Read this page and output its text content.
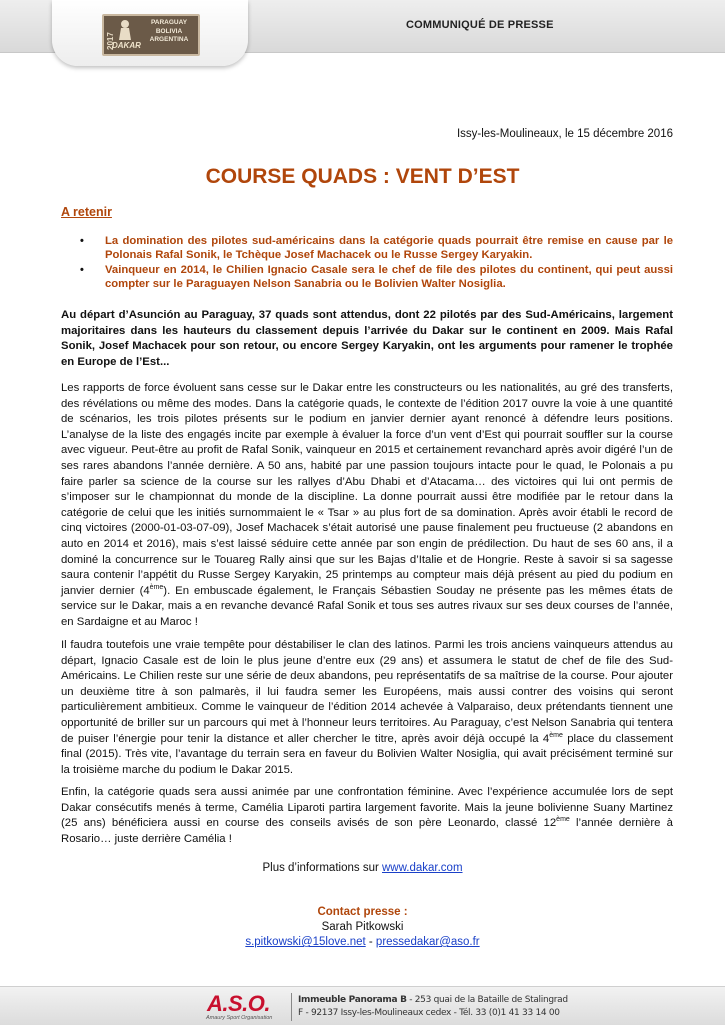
2017
DAKAR
PARAGUAY
BOLIVIA
ARGENTINA
COMMUNIQUÉ DE PRESSE
Issy-les-Moulineaux, le 15 décembre 2016
COURSE QUADS : VENT D’EST
A retenir
• La domination des pilotes sud-américains dans la catégorie quads pourrait être remise en cause par le Polonais Rafal Sonik, le Tchèque Josef Machacek ou le Russe Sergey Karyakin.
• Vainqueur en 2014, le Chilien Ignacio Casale sera le chef de file des pilotes du continent, qui peut aussi compter sur le Paraguayen Nelson Sanabria ou le Bolivien Walter Nosiglia.

Au départ d’Asunción au Paraguay, 37 quads sont attendus, dont 22 pilotés par des Sud-Américains, largement majoritaires dans les hauteurs du classement depuis l’arrivée du Dakar sur le continent en 2009. Mais Rafal Sonik, Josef Machacek pour son retour, ou encore Sergey Karyakin, ont les arguments pour ramener le trophée en Europe de l’Est...

Les rapports de force évoluent sans cesse sur le Dakar entre les constructeurs ou les nationalités, au gré des transferts, des révélations ou même des modes. Dans la catégorie quads, le contexte de l’édition 2017 ouvre la voie à une quantité de scénarios, les trois pilotes présents sur le podium en janvier dernier ayant renoncé à défendre leurs positions. L’analyse de la liste des engagés incite par exemple à évaluer la force d’un vent d’Est qui pourrait souffler sur la course avec vigueur. Peut-être au profit de Rafal Sonik, vainqueur en 2015 et certainement revanchard après avoir digéré l’un de ses rares abandons l’année dernière. A 50 ans, habité par une passion toujours intacte pour le quad, le Polonais a pu faire parler sa science de la course sur les rallyes d’Abu Dhabi et d’Atacama… des victoires qui lui ont permis de s’imposer sur le championnat du monde de la discipline. La donne pourrait aussi être modifiée par le retour dans la catégorie de celui que les initiés surnommaient le « Tsar » au plus fort de sa domination. Après avoir établi le record de cinq victoires (2000-01-03-07-09), Josef Machacek s’était autorisé une pause finalement peu fructueuse (2 abandons en auto en 2014 et 2016), mais s’est laissé séduire cette année par son engin de prédilection. Du haut de ses 60 ans, il a dominé la concurrence sur le Touareg Rally ainsi que sur les Bajas d’Italie et de Hongrie. Reste à savoir si sa sagesse saura contenir l’appétit du Russe Sergey Karyakin, 25 printemps au compteur mais déjà présent au pied du podium en janvier dernier (4ème). En embuscade également, le Français Sébastien Souday ne présente pas les mêmes états de service sur le Dakar, mais a en revanche devancé Rafal Sonik et tous ses autres rivaux sur ses deux courses de l’année, en Sardaigne et au Maroc !

Il faudra toutefois une vraie tempête pour déstabiliser le clan des latinos. Parmi les trois anciens vainqueurs attendus au départ, Ignacio Casale est de loin le plus jeune d’entre eux (29 ans) et assumera le statut de chef de file des Sud-Américains. Le Chilien reste sur une série de deux abandons, peu représentatifs de sa maîtrise de la course. Pour ajouter un deuxième titre à son palmarès, il lui faudra semer les Européens, mais aussi contrer des voisins qui seront particulièrement ambitieux. Comme le vainqueur de l’édition 2014 achevée à Valparaiso, deux prétendants tiennent une opportunité de briller sur un parcours qui met à l’honneur leurs territoires. Au Paraguay, c’est Nelson Sanabria qui tentera de puiser l’énergie pour tenir la distance et aller chercher le titre, après avoir déjà occupé la 4ème place du classement final (2015). Très vite, l’avantage du terrain sera en faveur du Bolivien Walter Nosiglia, qui avait précisément terminé sur la troisième marche du podium le Dakar 2015.

Enfin, la catégorie quads sera aussi animée par une confrontation féminine. Avec l’expérience accumulée lors de sept Dakar consécutifs menés à terme, Camélia Liparoti partira largement favorite. Mais la jeune bolivienne Suany Martinez (25 ans) bénéficiera aussi en course des conseils avisés de son père Leonardo, classé 12ème l’année dernière à Rosario… juste derrière Camélia !

Plus d’informations sur www.dakar.com
Contact presse :
Sarah Pitkowski
s.pitkowski@15love.net - pressedakar@aso.fr
A.S.O.
Amaury Sport Organisation
Immeuble Panorama B - 253 quai de la Bataille de Stalingrad
F - 92137 Issy-les-Moulineaux cedex - Tél. 33 (0)1 41 33 14 00
